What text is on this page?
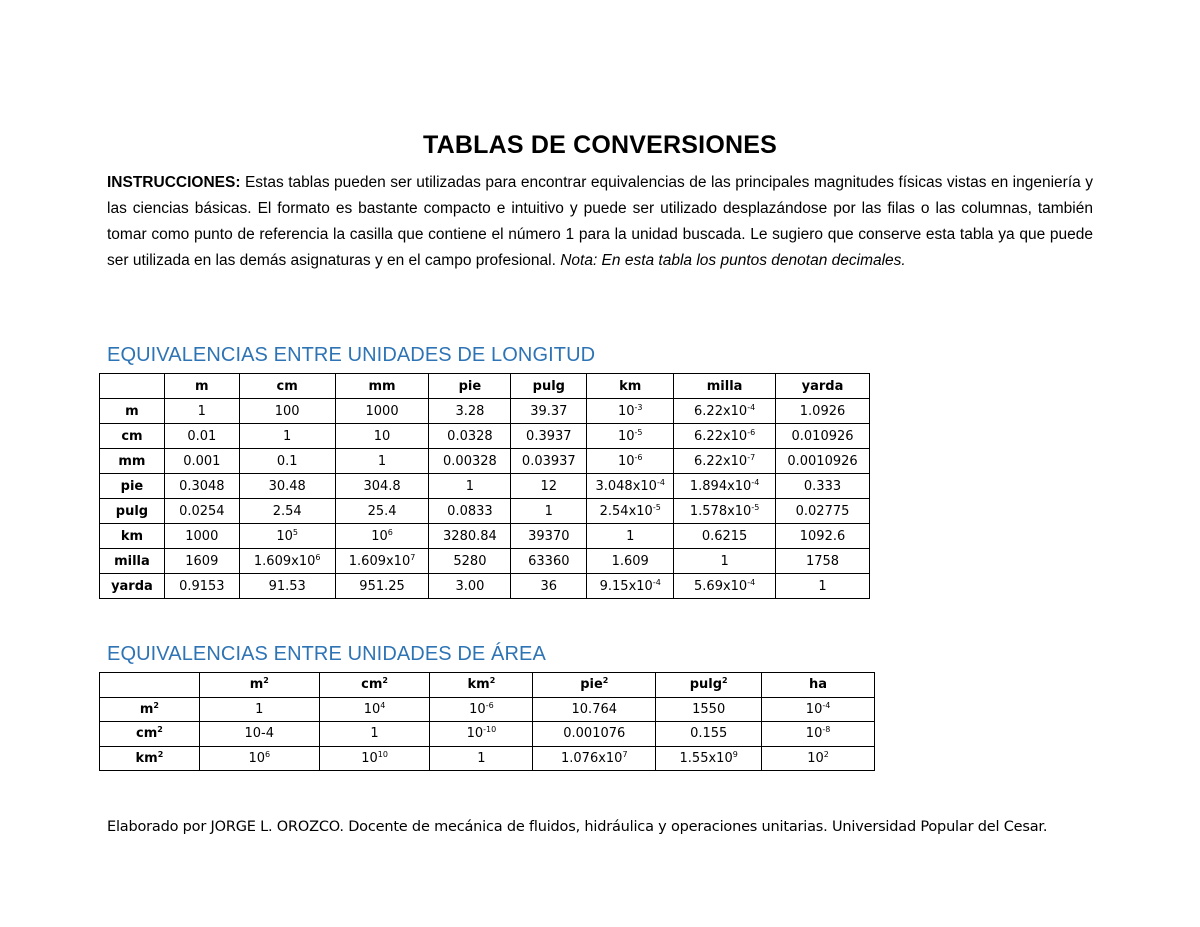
TABLAS DE CONVERSIONES
INSTRUCCIONES: Estas tablas pueden ser utilizadas para encontrar equivalencias de las principales magnitudes físicas vistas en ingeniería y las ciencias básicas. El formato es bastante compacto e intuitivo y puede ser utilizado desplazándose por las filas o las columnas, también tomar como punto de referencia la casilla que contiene el número 1 para la unidad buscada. Le sugiero que conserve esta tabla ya que puede ser utilizada en las demás asignaturas y en el campo profesional. Nota: En esta tabla los puntos denotan decimales.
EQUIVALENCIAS ENTRE UNIDADES DE LONGITUD
	m	cm	mm	pie	pulg	km	milla	yarda
m	1	100	1000	3.28	39.37	$10^{-3}$	$6.22x10^{-4}$	1.0926
cm	0.01	1	10	0.0328	0.3937	$10^{-5}$	$6.22x10^{-6}$	0.010926
mm	0.001	0.1	1	0.00328	0.03937	$10^{-6}$	$6.22x10^{-7}$	0.0010926
pie	0.3048	30.48	304.8	1	12	$3.048x10^{-4}$	$1.894x10^{-4}$	0.333
pulg	0.0254	2.54	25.4	0.0833	1	$2.54x10^{-5}$	$1.578x10^{-5}$	0.02775
km	1000	$10^5$	$10^6$	3280.84	39370	1	0.6215	1092.6
milla	1609	$1.609x10^6$	$1.609x10^7$	5280	63360	1.609	1	1758
yarda	0.9153	91.53	951.25	3.00	36	$9.15x10^{-4}$	$5.69x10^{-4}$	1
EQUIVALENCIAS ENTRE UNIDADES DE ÁREA
	$m^2$	$cm^2$	$km^2$	pie$^2$	pulg$^2$	ha
$m^2$	1	$10^4$	$10^{-6}$	10.764	1550	$10^{-4}$
$cm^2$	10-4	1	$10^{-10}$	0.001076	0.155	$10^{-8}$
$km^2$	$10^6$	$10^{10}$	1	$1.076x10^7$	$1.55x10^9$	$10^2$
Elaborado por JORGE L. OROZCO. Docente de mecánica de fluidos, hidráulica y operaciones unitarias. Universidad Popular del Cesar.
